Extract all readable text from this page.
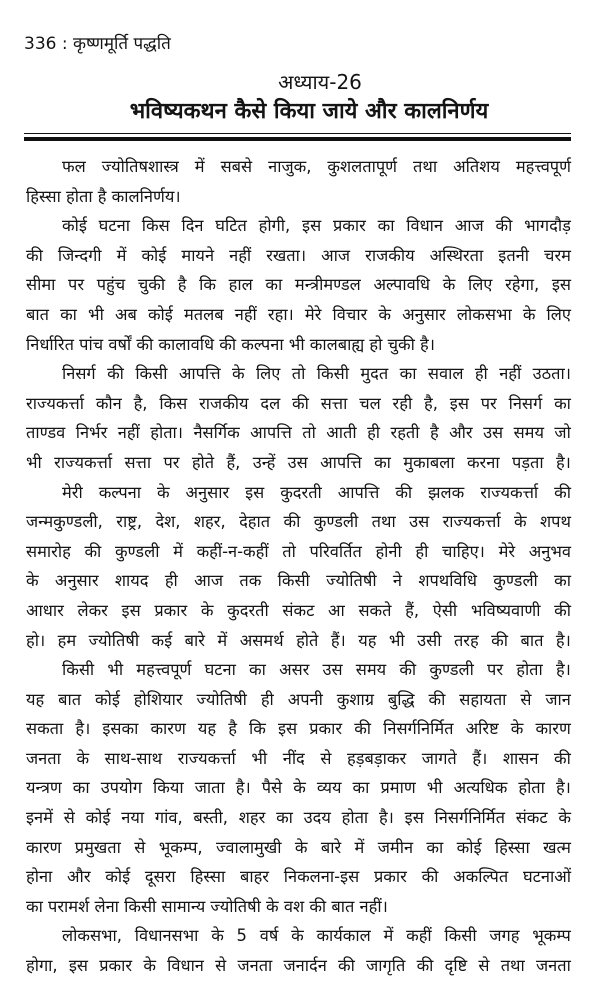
336 : कृष्णमूर्ति पद्धति
अध्याय-26
भविष्यकथन कैसे किया जाये और कालनिर्णय
फल ज्योतिषशास्त्र में सबसे नाजुक, कुशलतापूर्ण तथा अतिशय महत्त्वपूर्ण
हिस्सा होता है कालनिर्णय।
कोई घटना किस दिन घटित होगी, इस प्रकार का विधान आज की भागदौड़
की जिन्दगी में कोई मायने नहीं रखता। आज राजकीय अस्थिरता इतनी चरम
सीमा पर पहुंच चुकी है कि हाल का मन्त्रीमण्डल अल्पावधि के लिए रहेगा, इस
बात का भी अब कोई मतलब नहीं रहा। मेरे विचार के अनुसार लोकसभा के लिए
निर्धारित पांच वर्षों की कालावधि की कल्पना भी कालबाह्य हो चुकी है।
निसर्ग की किसी आपत्ति के लिए तो किसी मुदत का सवाल ही नहीं उठता।
राज्यकर्त्ता कौन है, किस राजकीय दल की सत्ता चल रही है, इस पर निसर्ग का
ताण्डव निर्भर नहीं होता। नैसर्गिक आपत्ति तो आती ही रहती है और उस समय जो
भी राज्यकर्त्ता सत्ता पर होते हैं, उन्हें उस आपत्ति का मुकाबला करना पड़ता है।
मेरी कल्पना के अनुसार इस कुदरती आपत्ति की झलक राज्यकर्त्ता की
जन्मकुण्डली, राष्ट्र, देश, शहर, देहात की कुण्डली तथा उस राज्यकर्त्ता के शपथ
समारोह की कुण्डली में कहीं-न-कहीं तो परिवर्तित होनी ही चाहिए। मेरे अनुभव
के अनुसार शायद ही आज तक किसी ज्योतिषी ने शपथविधि कुण्डली का
आधार लेकर इस प्रकार के कुदरती संकट आ सकते हैं, ऐसी भविष्यवाणी की
हो। हम ज्योतिषी कई बारे में असमर्थ होते हैं। यह भी उसी तरह की बात है।
किसी भी महत्त्वपूर्ण घटना का असर उस समय की कुण्डली पर होता है।
यह बात कोई होशियार ज्योतिषी ही अपनी कुशाग्र बुद्धि की सहायता से जान
सकता है। इसका कारण यह है कि इस प्रकार की निसर्गनिर्मित अरिष्ट के कारण
जनता के साथ-साथ राज्यकर्त्ता भी नींद से हड़बड़ाकर जागते हैं। शासन की
यन्त्रण का उपयोग किया जाता है। पैसे के व्यय का प्रमाण भी अत्यधिक होता है।
इनमें से कोई नया गांव, बस्ती, शहर का उदय होता है। इस निसर्गनिर्मित संकट के
कारण प्रमुखता से भूकम्प, ज्वालामुखी के बारे में जमीन का कोई हिस्सा खत्म
होना और कोई दूसरा हिस्सा बाहर निकलना-इस प्रकार की अकल्पित घटनाओं
का परामर्श लेना किसी सामान्य ज्योतिषी के वश की बात नहीं।
लोकसभा, विधानसभा के 5 वर्ष के कार्यकाल में कहीं किसी जगह भूकम्प
होगा, इस प्रकार के विधान से जनता जनार्दन की जागृति की दृष्टि से तथा जनता
